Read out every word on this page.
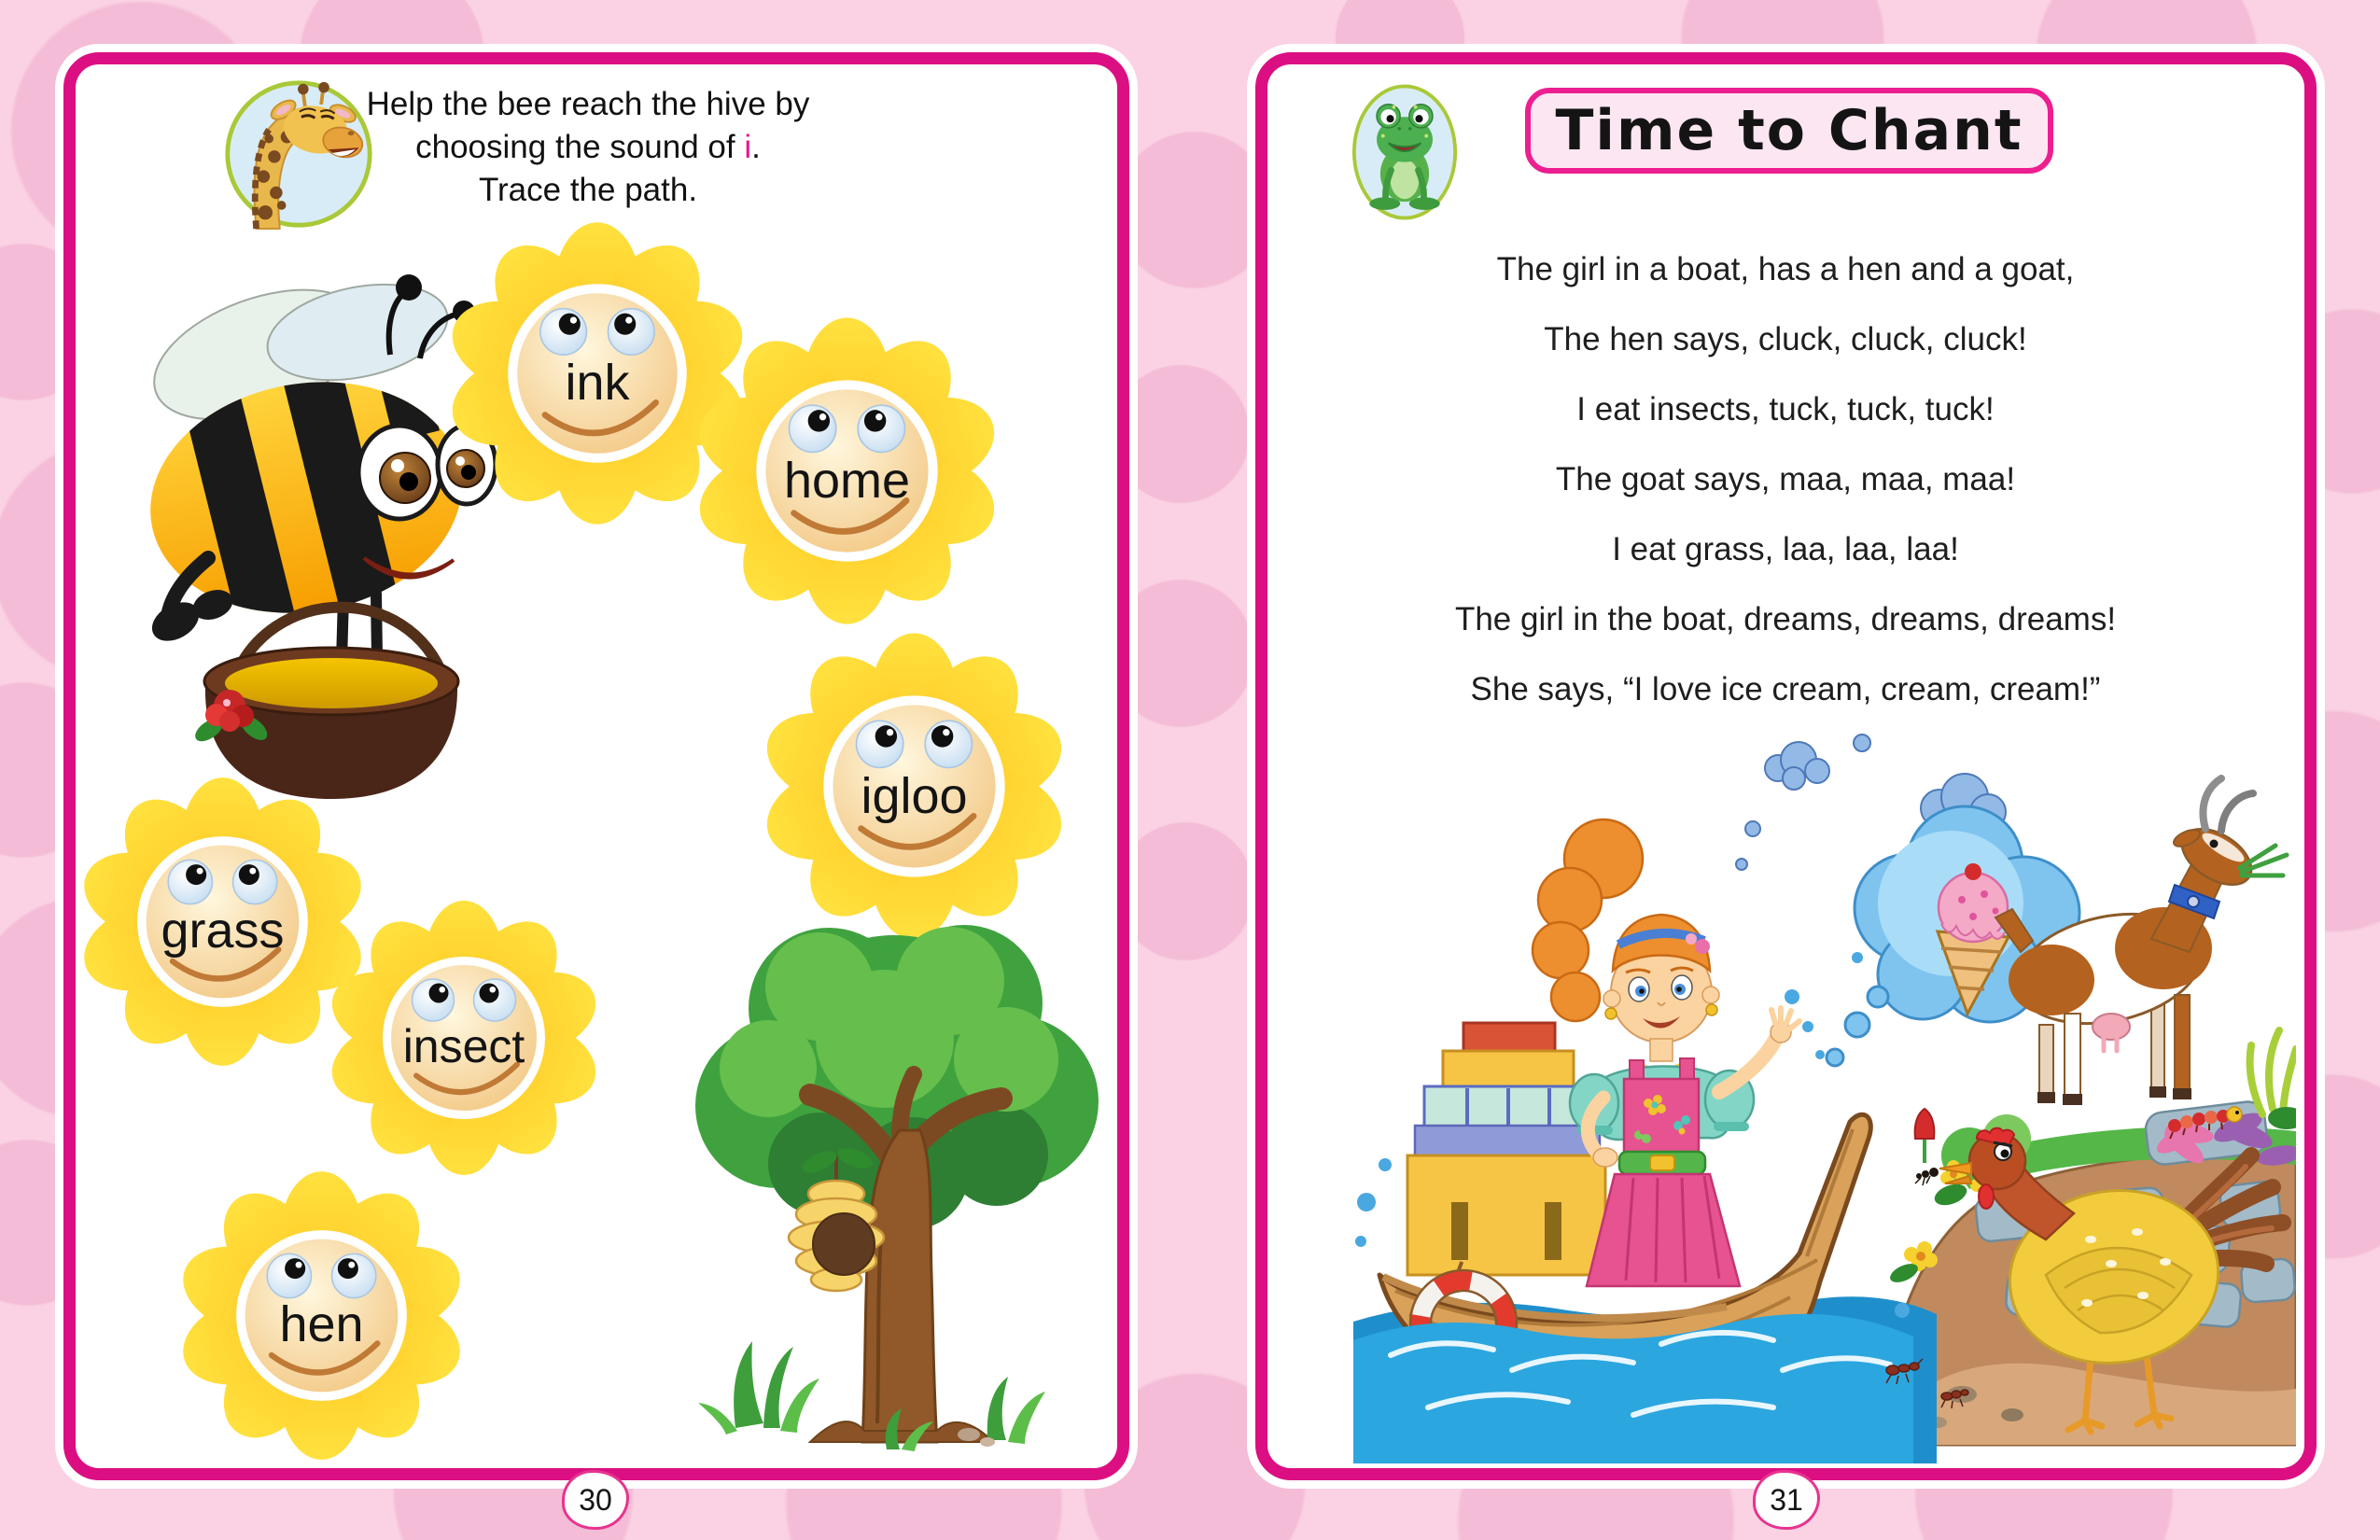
Help the bee reach the hive by
choosing the sound of i.
Trace the path.
ink
home
igloo
grass
insect
hen
30
Time to Chant
The girl in a boat, has a hen and a goat,
The hen says, cluck, cluck, cluck!
I eat insects, tuck, tuck, tuck!
The goat says, maa, maa, maa!
I eat grass, laa, laa, laa!
The girl in the boat, dreams, dreams, dreams!
She says, “I love ice cream, cream, cream!”
31
